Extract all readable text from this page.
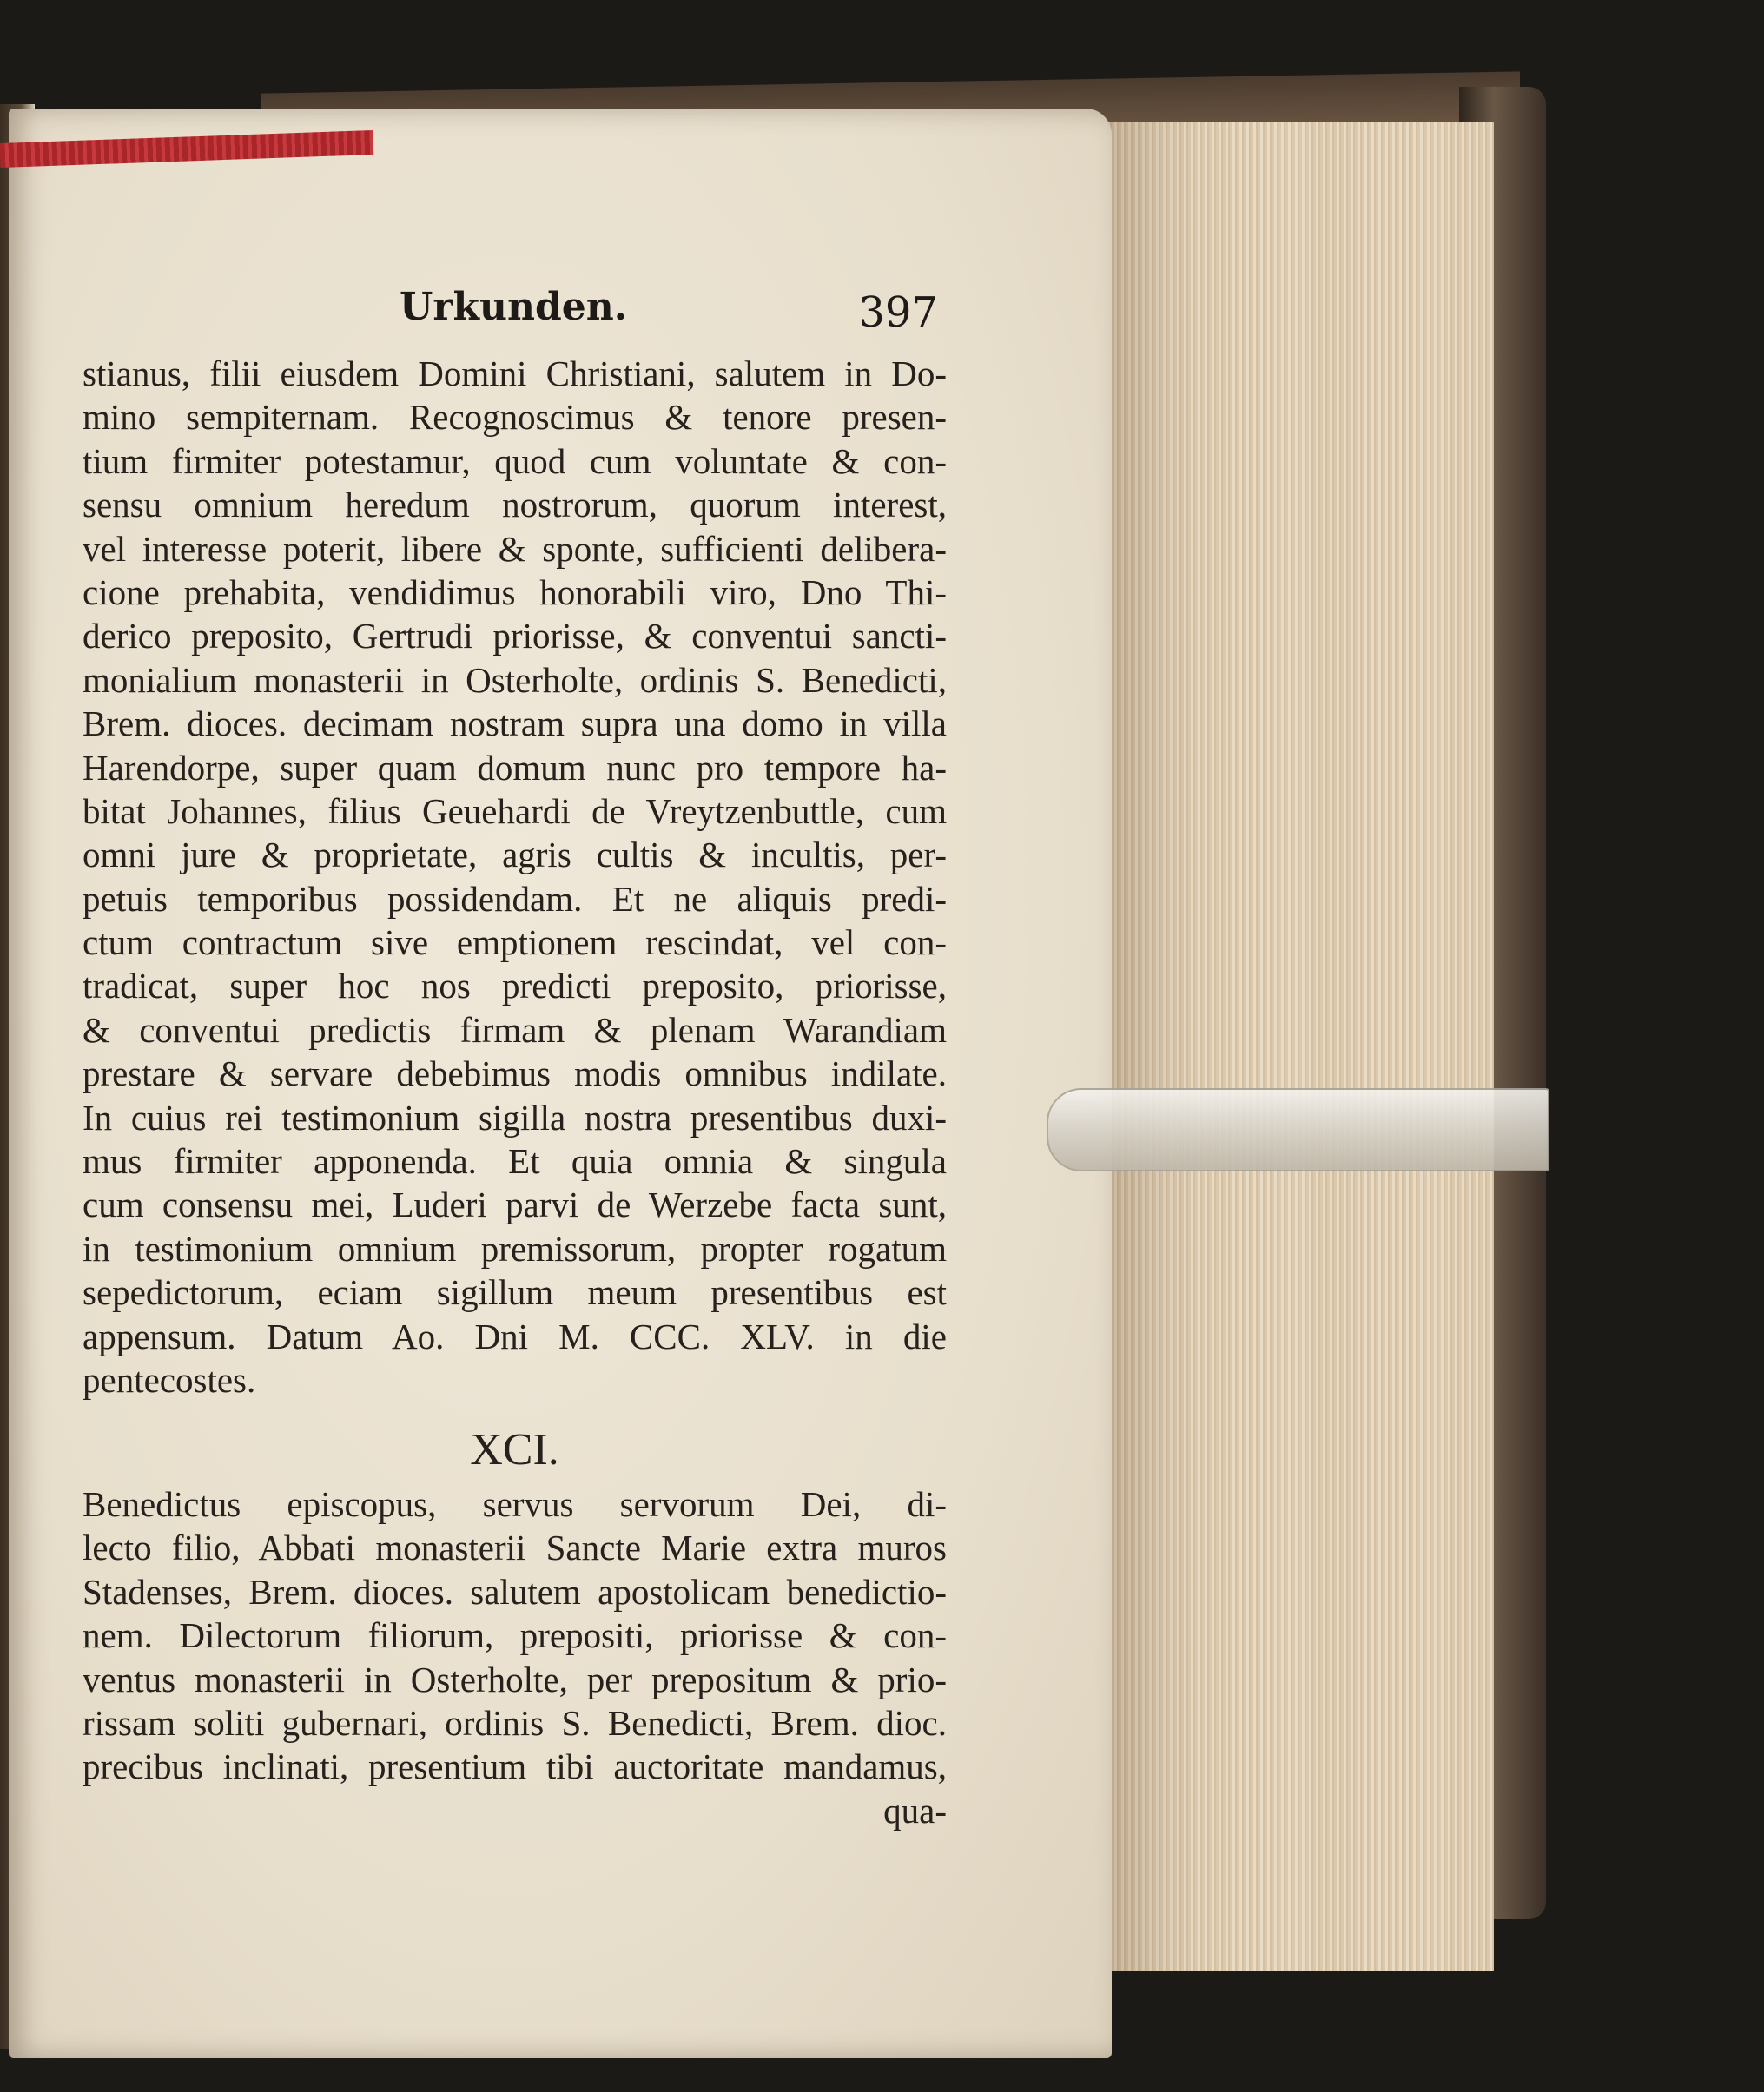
Urkunden.	397
stianus, filii eiusdem Domini Christiani, salutem in Do-
mino sempiternam. Recognoscimus & tenore presen-
tium firmiter potestamur, quod cum voluntate & con-
sensu omnium heredum nostrorum, quorum interest,
vel interesse poterit, libere & sponte, sufficienti delibera-
cione prehabita, vendidimus honorabili viro, Dno Thi-
derico preposito, Gertrudi priorisse, & conventui sancti-
monialium monasterii in Osterholte, ordinis S. Benedicti,
Brem. dioces. decimam nostram supra una domo in villa
Harendorpe, super quam domum nunc pro tempore ha-
bitat Johannes, filius Geuehardi de Vreytzenbuttle, cum
omni jure & proprietate, agris cultis & incultis, per-
petuis temporibus possidendam. Et ne aliquis predi-
ctum contractum sive emptionem rescindat, vel con-
tradicat, super hoc nos predicti preposito, priorisse,
& conventui predictis firmam & plenam Warandiam
prestare & servare debebimus modis omnibus indilate.
In cuius rei testimonium sigilla nostra presentibus duxi-
mus firmiter apponenda. Et quia omnia & singula
cum consensu mei, Luderi parvi de Werzebe facta sunt,
in testimonium omnium premissorum, propter rogatum
sepedictorum, eciam sigillum meum presentibus est
appensum. Datum Ao. Dni M. CCC. XLV. in die
pentecostes.
XCI.
Benedictus episcopus, servus servorum Dei, di-
lecto filio, Abbati monasterii Sancte Marie extra muros
Stadenses, Brem. dioces. salutem apostolicam benedictio-
nem. Dilectorum filiorum, prepositi, priorisse & con-
ventus monasterii in Osterholte, per prepositum & prio-
rissam soliti gubernari, ordinis S. Benedicti, Brem. dioc.
precibus inclinati, presentium tibi auctoritate mandamus,
qua-
